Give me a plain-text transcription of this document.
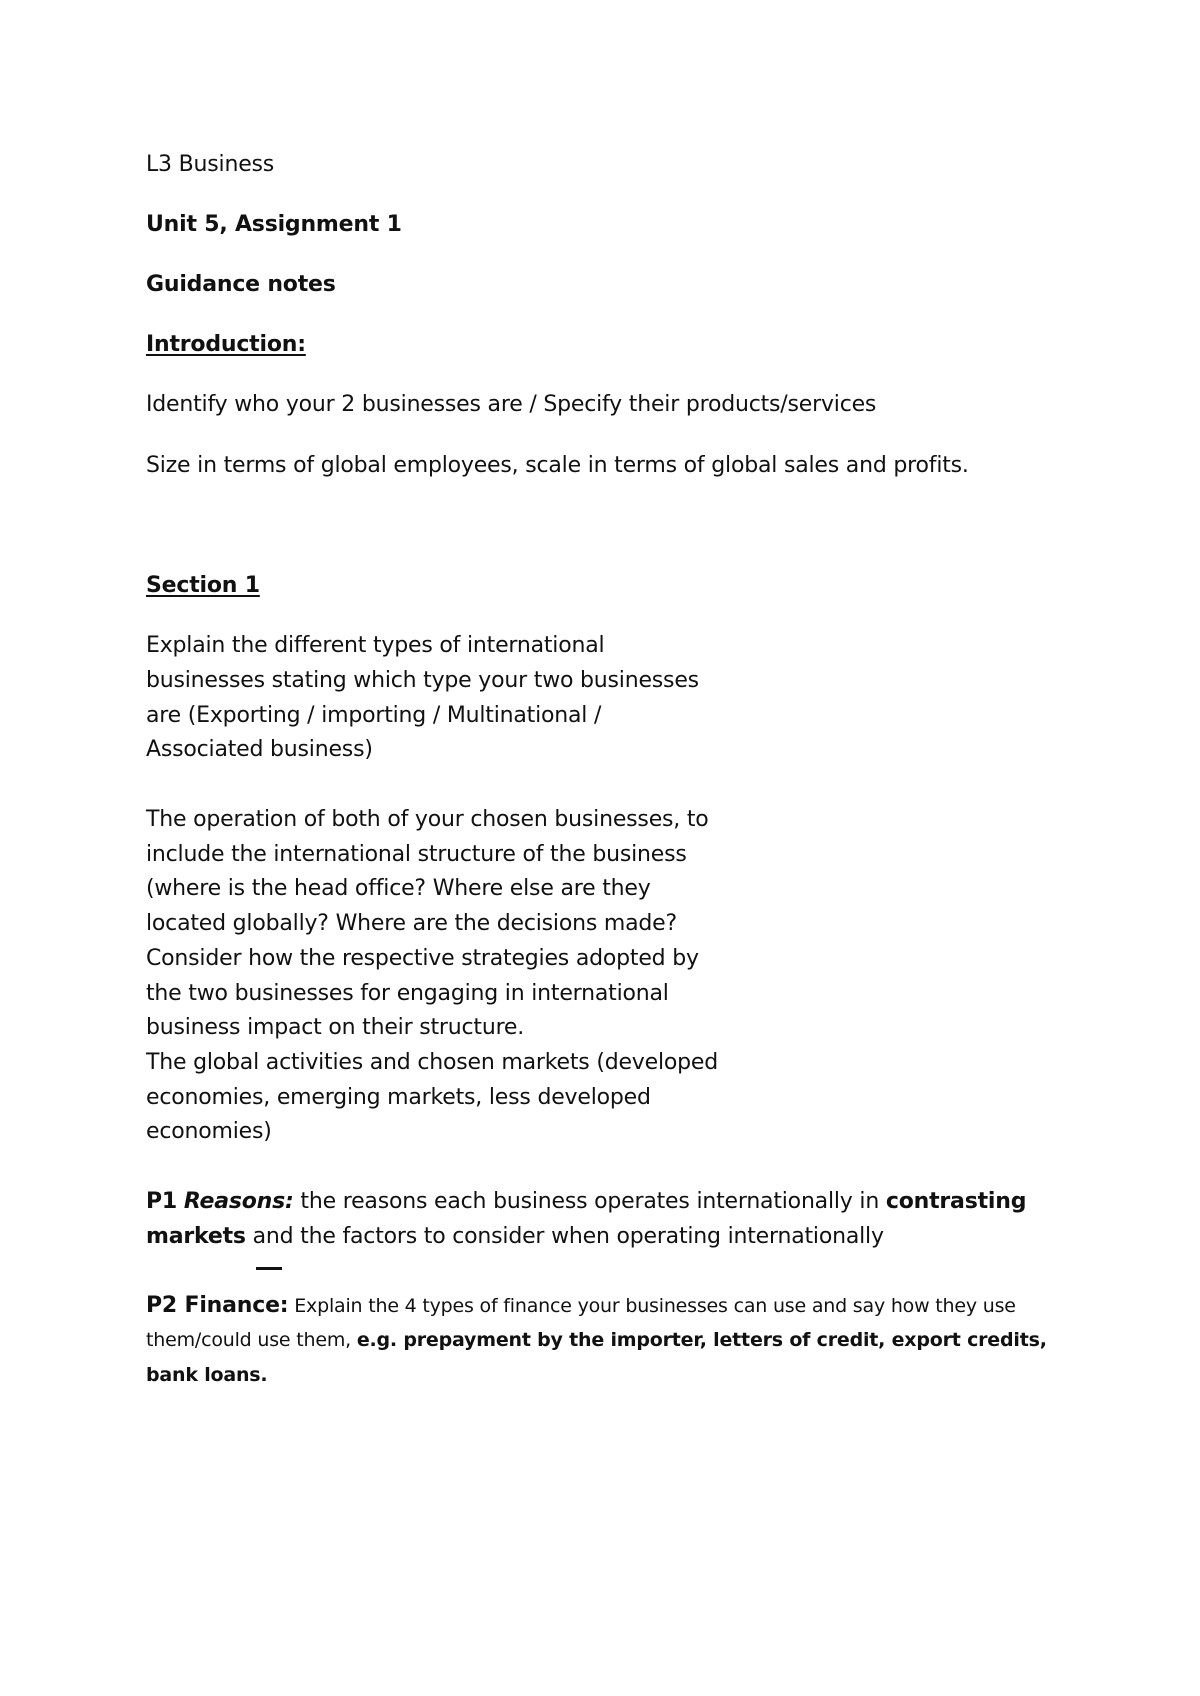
L3 Business
Unit 5, Assignment 1
Guidance notes
Introduction:
Identify who your 2 businesses are / Specify their products/services
Size in terms of global employees, scale in terms of global sales and profits.
Section 1
Explain the different types of international
businesses stating which type your two businesses
are (Exporting / importing / Multinational /
Associated business)
The operation of both of your chosen businesses, to
include the international structure of the business
(where is the head office? Where else are they
located globally? Where are the decisions made?
Consider how the respective strategies adopted by
the two businesses for engaging in international
business impact on their structure.
The global activities and chosen markets (developed
economies, emerging markets, less developed
economies)
P1 Reasons: the reasons each business operates internationally in contrasting
markets and the factors to consider when operating internationally
P2 Finance: Explain the 4 types of finance your businesses can use and say how they use
them/could use them, e.g. prepayment by the importer, letters of credit, export credits,
bank loans.
